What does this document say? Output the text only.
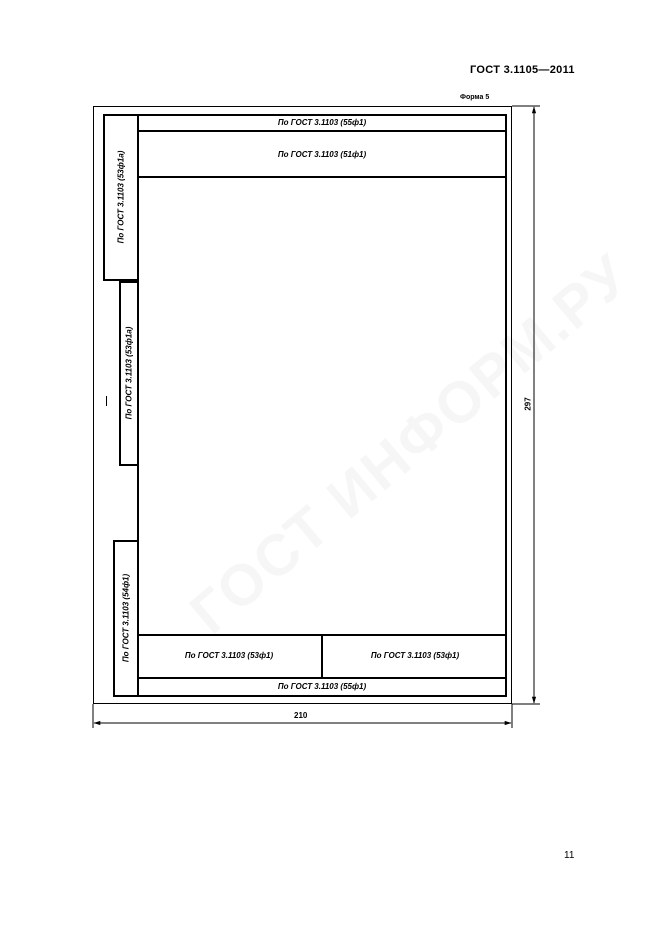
ГОСТ 3.1105—2011
Форма 5
По ГОСТ 3.1103 (55ф1)
По ГОСТ 3.1103 (51ф1)
По ГОСТ 3.1103 (53ф1)	По ГОСТ 3.1103 (53ф1)
По ГОСТ 3.1103 (55ф1)
По ГОСТ 3.1103 (53ф1а)
По ГОСТ 3.1103 (53ф1а)
По ГОСТ 3.1103 (54ф1)
210
297
11
